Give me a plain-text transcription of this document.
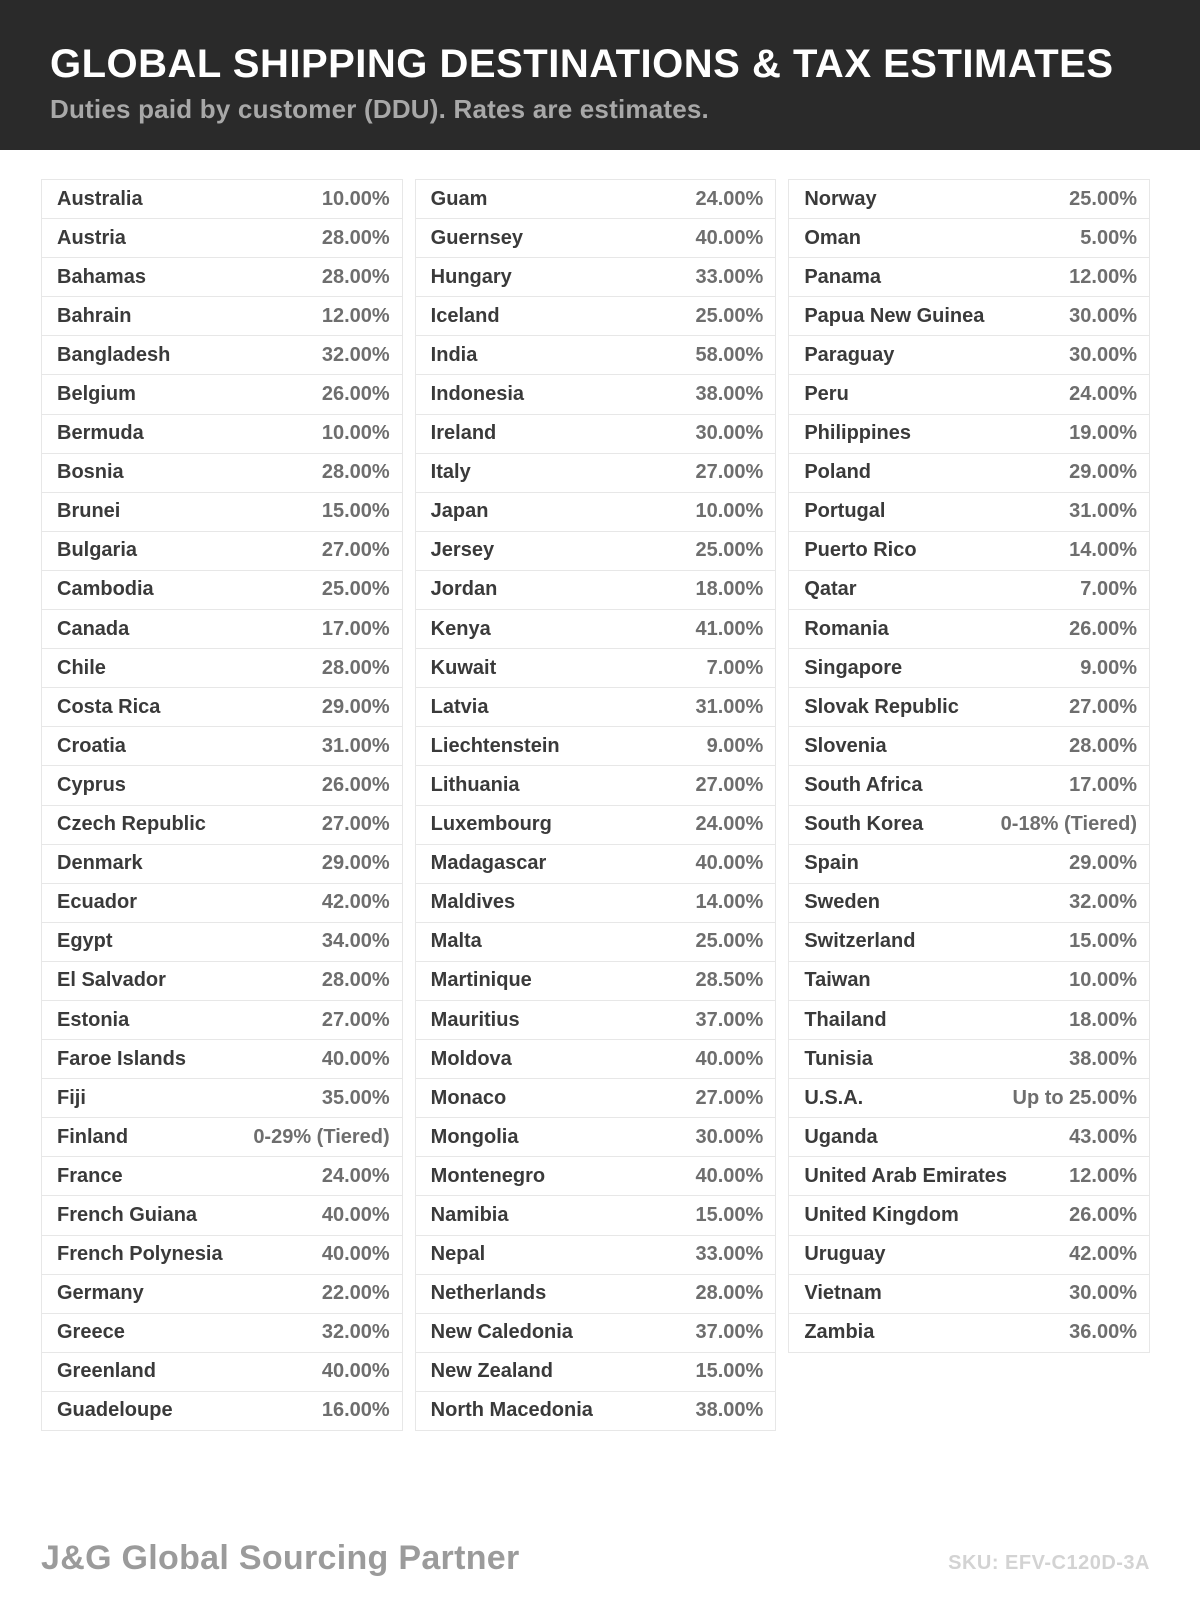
GLOBAL SHIPPING DESTINATIONS & TAX ESTIMATES
Duties paid by customer (DDU). Rates are estimates.
Australia	10.00%
Austria	28.00%
Bahamas	28.00%
Bahrain	12.00%
Bangladesh	32.00%
Belgium	26.00%
Bermuda	10.00%
Bosnia	28.00%
Brunei	15.00%
Bulgaria	27.00%
Cambodia	25.00%
Canada	17.00%
Chile	28.00%
Costa Rica	29.00%
Croatia	31.00%
Cyprus	26.00%
Czech Republic	27.00%
Denmark	29.00%
Ecuador	42.00%
Egypt	34.00%
El Salvador	28.00%
Estonia	27.00%
Faroe Islands	40.00%
Fiji	35.00%
Finland	0-29% (Tiered)
France	24.00%
French Guiana	40.00%
French Polynesia	40.00%
Germany	22.00%
Greece	32.00%
Greenland	40.00%
Guadeloupe	16.00%
Guam	24.00%
Guernsey	40.00%
Hungary	33.00%
Iceland	25.00%
India	58.00%
Indonesia	38.00%
Ireland	30.00%
Italy	27.00%
Japan	10.00%
Jersey	25.00%
Jordan	18.00%
Kenya	41.00%
Kuwait	7.00%
Latvia	31.00%
Liechtenstein	9.00%
Lithuania	27.00%
Luxembourg	24.00%
Madagascar	40.00%
Maldives	14.00%
Malta	25.00%
Martinique	28.50%
Mauritius	37.00%
Moldova	40.00%
Monaco	27.00%
Mongolia	30.00%
Montenegro	40.00%
Namibia	15.00%
Nepal	33.00%
Netherlands	28.00%
New Caledonia	37.00%
New Zealand	15.00%
North Macedonia	38.00%
Norway	25.00%
Oman	5.00%
Panama	12.00%
Papua New Guinea	30.00%
Paraguay	30.00%
Peru	24.00%
Philippines	19.00%
Poland	29.00%
Portugal	31.00%
Puerto Rico	14.00%
Qatar	7.00%
Romania	26.00%
Singapore	9.00%
Slovak Republic	27.00%
Slovenia	28.00%
South Africa	17.00%
South Korea	0-18% (Tiered)
Spain	29.00%
Sweden	32.00%
Switzerland	15.00%
Taiwan	10.00%
Thailand	18.00%
Tunisia	38.00%
U.S.A.	Up to 25.00%
Uganda	43.00%
United Arab Emirates	12.00%
United Kingdom	26.00%
Uruguay	42.00%
Vietnam	30.00%
Zambia	36.00%
J&G Global Sourcing Partner	SKU: EFV-C120D-3A
